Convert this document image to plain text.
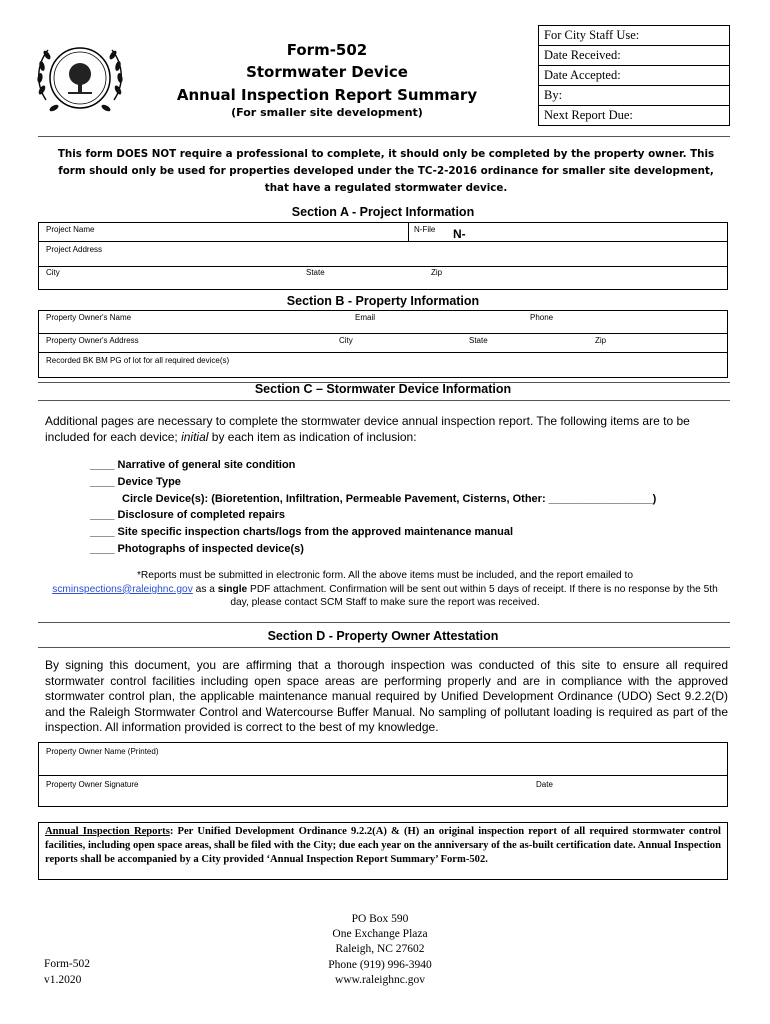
Form-502
Stormwater Device
Annual Inspection Report Summary
(For smaller site development)
For City Staff Use:
Date Received:
Date Accepted:
By:
Next Report Due:
This form DOES NOT require a professional to complete, it should only be completed by the property owner. This form should only be used for properties developed under the TC-2-2016 ordinance for smaller site development, that have a regulated stormwater device.
Section A - Project Information
Project Name	N-File N-
Project Address
City	State	Zip
Section B - Property Information
Property Owner's Name	Email	Phone
Property Owner's Address	City	State	Zip
Recorded BK BM PG of lot for all required device(s)
Section C – Stormwater Device Information
Additional pages are necessary to complete the stormwater device annual inspection report. The following items are to be included for each device; initial by each item as indication of inclusion:
____ Narrative of general site condition
____ Device Type
Circle Device(s): (Bioretention, Infiltration, Permeable Pavement, Cisterns, Other: _________________)
____ Disclosure of completed repairs
____ Site specific inspection charts/logs from the approved maintenance manual
____ Photographs of inspected device(s)
*Reports must be submitted in electronic form. All the above items must be included, and the report emailed to
scminspections@raleighnc.gov as a single PDF attachment. Confirmation will be sent out within 5 days of receipt. If there is no response by the 5th day, please contact SCM Staff to make sure the report was received.
Section D - Property Owner Attestation
By signing this document, you are affirming that a thorough inspection was conducted of this site to ensure all required stormwater control facilities including open space areas are performing properly and are in compliance with the approved stormwater control plan, the applicable maintenance manual required by Unified Development Ordinance (UDO) Sect 9.2.2(D) and the Raleigh Stormwater Control and Watercourse Buffer Manual. No sampling of pollutant loading is required as part of the inspection. All information provided is correct to the best of my knowledge.
Property Owner Name (Printed)
Property Owner Signature	Date
Annual Inspection Reports: Per Unified Development Ordinance 9.2.2(A) & (H) an original inspection report of all required stormwater control facilities, including open space areas, shall be filed with the City; due each year on the anniversary of the as-built certification date. Annual Inspection reports shall be accompanied by a City provided ‘Annual Inspection Report Summary’ Form-502.
PO Box 590
One Exchange Plaza
Raleigh, NC 27602
Phone (919) 996-3940
www.raleighnc.gov
Form-502
v1.2020
